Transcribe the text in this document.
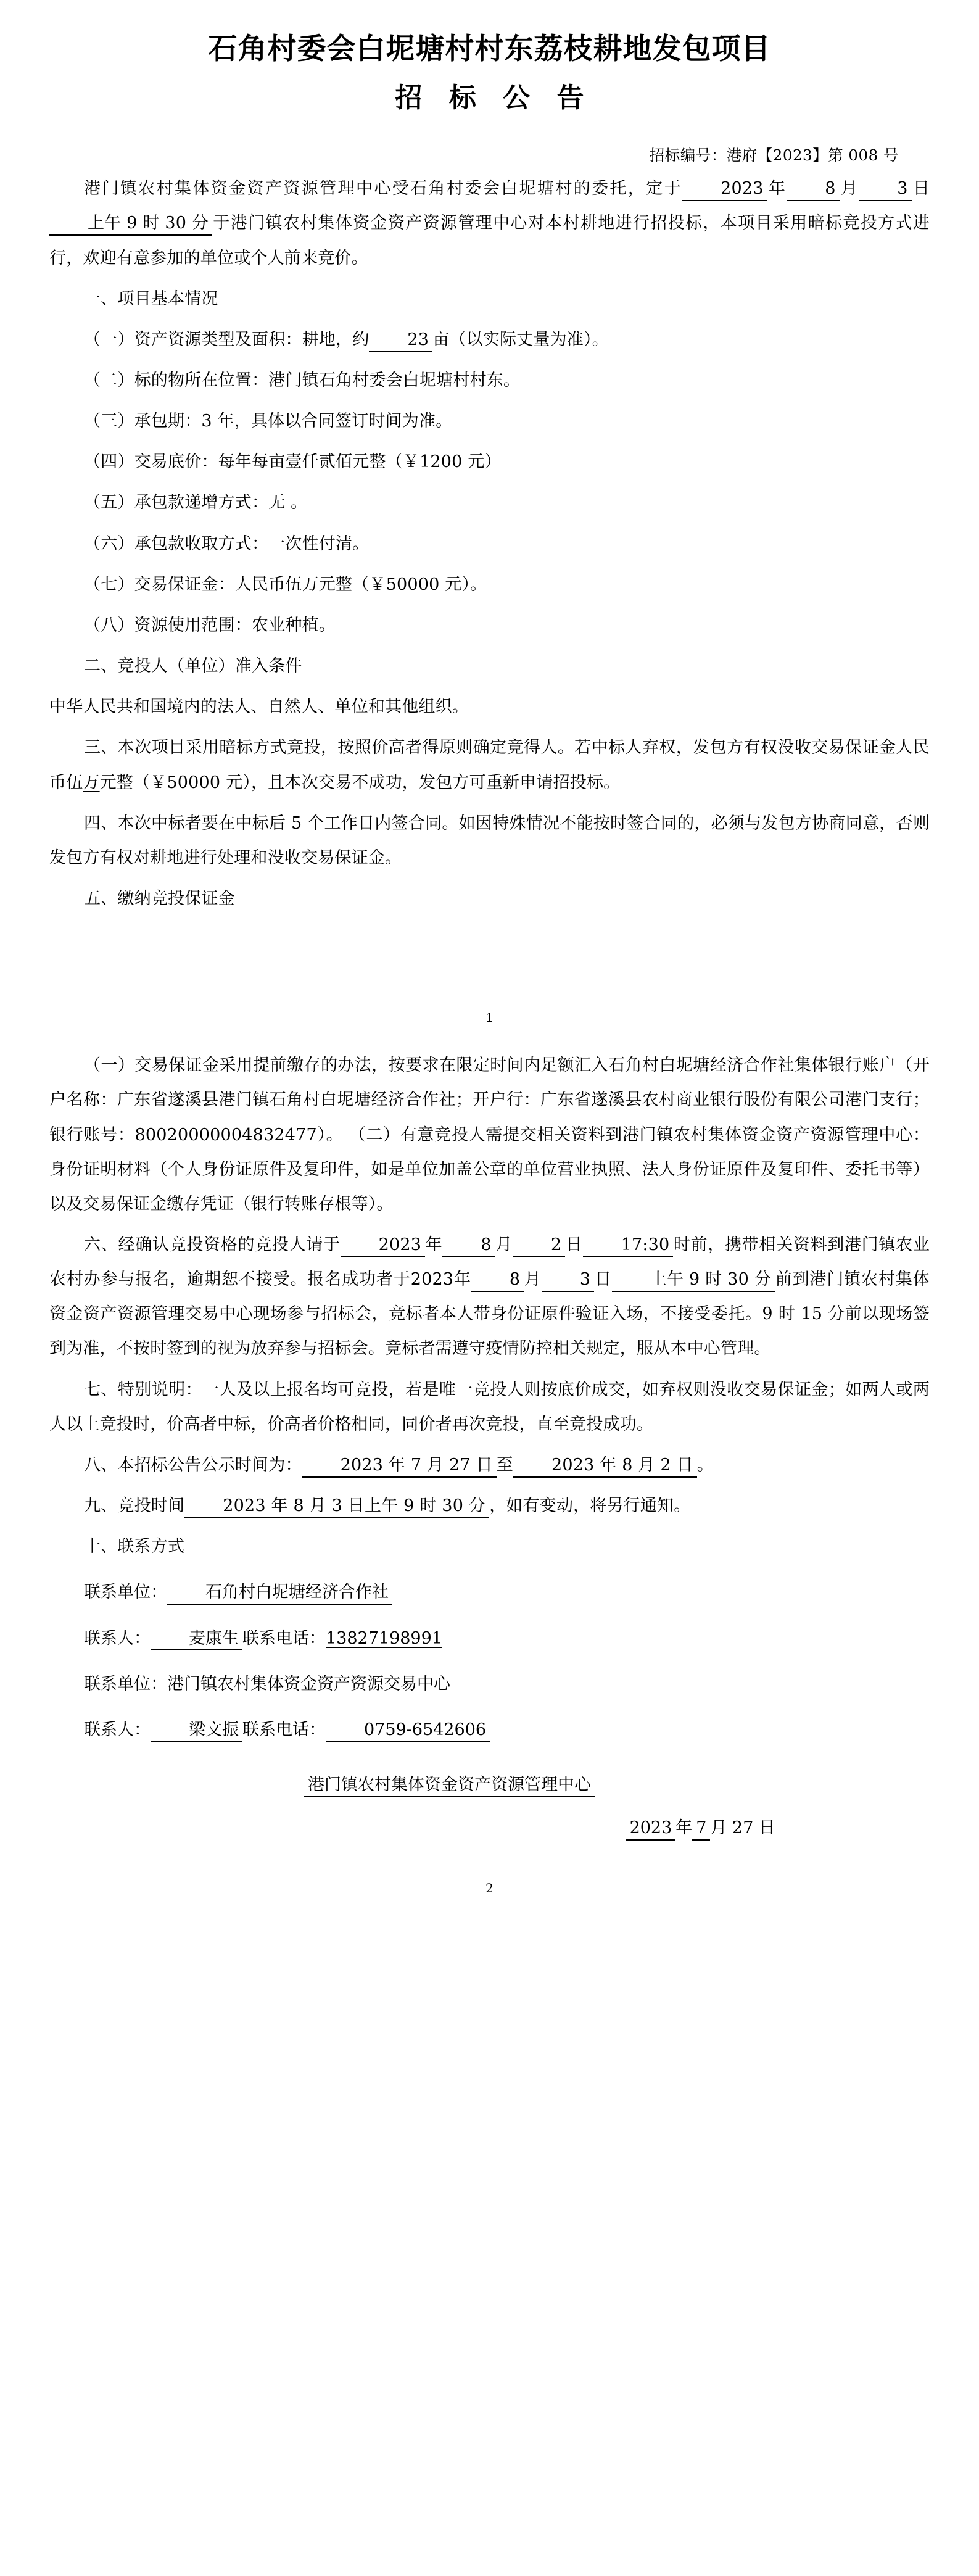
石角村委会白坭塘村村东荔枝耕地发包项目
招 标 公 告
招标编号：港府【2023】第 008 号

港门镇农村集体资金资产资源管理中心受石角村委会白坭塘村的委托，定于 2023 年 8 月 3 日上午 9 时 30 分 于港门镇农村集体资金资产资源管理中心对本村耕地进行招投标，本项目采用暗标竞投方式进行，欢迎有意参加的单位或个人前来竞价。

一、项目基本情况

（一）资产资源类型及面积：耕地，约 23 亩（以实际丈量为准）。

（二）标的物所在位置：港门镇石角村委会白坭塘村村东。

（三）承包期：3 年，具体以合同签订时间为准。

（四）交易底价：每年每亩壹仟贰佰元整（￥1200 元）

（五）承包款递增方式：无 。

（六）承包款收取方式：一次性付清。

（七）交易保证金：人民币伍万元整（￥50000 元）。

（八）资源使用范围：农业种植。

二、竞投人（单位）准入条件

中华人民共和国境内的法人、自然人、单位和其他组织。

三、本次项目采用暗标方式竞投，按照价高者得原则确定竞得人。若中标人弃权，发包方有权没收交易保证金人民币伍万元整（￥50000 元），且本次交易不成功，发包方可重新申请招投标。

四、本次中标者要在中标后 5 个工作日内签合同。如因特殊情况不能按时签合同的，必须与发包方协商同意，否则发包方有权对耕地进行处理和没收交易保证金。

五、缴纳竞投保证金

1

（一）交易保证金采用提前缴存的办法，按要求在限定时间内足额汇入石角村白坭塘经济合作社集体银行账户（开户名称：广东省遂溪县港门镇石角村白坭塘经济合作社；开户行：广东省遂溪县农村商业银行股份有限公司港门支行；银行账号：80020000004832477）。 （二）有意竞投人需提交相关资料到港门镇农村集体资金资产资源管理中心：身份证明材料（个人身份证原件及复印件，如是单位加盖公章的单位营业执照、法人身份证原件及复印件、委托书等）以及交易保证金缴存凭证（银行转账存根等）。

六、经确认竞投资格的竞投人请于 2023 年 8 月 2 日 17:30 时前，携带相关资料到港门镇农业农村办参与报名，逾期恕不接受。报名成功者于2023年 8 月 3 日 上午 9 时 30 分 前到港门镇农村集体资金资产资源管理交易中心现场参与招标会，竞标者本人带身份证原件验证入场，不接受委托。9 时 15 分前以现场签到为准，不按时签到的视为放弃参与招标会。竞标者需遵守疫情防控相关规定，服从本中心管理。

七、特别说明：一人及以上报名均可竞投，若是唯一竞投人则按底价成交，如弃权则没收交易保证金；如两人或两人以上竞投时，价高者中标，价高者价格相同，同价者再次竞投，直至竞投成功。

八、本招标公告公示时间为： 2023 年 7 月 27 日 至 2023 年 8 月 2 日 。

九、竞投时间 2023 年 8 月 3 日上午 9 时 30 分 ，如有变动，将另行通知。

十、联系方式

联系单位： 石角村白坭塘经济合作社

联系人： 麦康生 联系电话：13827198991

联系单位：港门镇农村集体资金资产资源交易中心

联系人： 梁文振 联系电话： 0759-6542606

港门镇农村集体资金资产资源管理中心
2023 年 7 月 27 日
2
